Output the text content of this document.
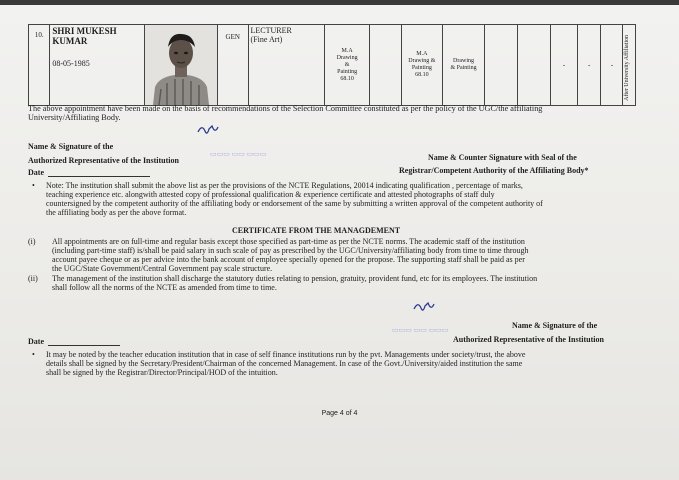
10.	SHRI MUKESH
KUMAR
08-05-1985

	GEN	LECTURER
(Fine Art)	M.A
Drawing
&
Painting
68.10		M.A
Drawing &
Painting
68.10	Drawing
& Painting			-	-	-	After University Affiliation
The above appointment have been made on the basis of recommendations of the Selection Committee constituted as per the policy of the UGC/the affiliating
University/Affiliating Body.
▭▭▭ ▭▭ ▭▭▭
Name & Signature of the
Authorized Representative of the Institution
Date
Name & Counter Signature with Seal of the
Registrar/Competent Authority of the Affiliating Body*
• Note: The institution shall submit the above list as per the provisions of the NCTE Regulations, 20014 indicating qualification , percentage of marks,
teaching experience etc. alongwith attested copy of professional qualification & experience certificate and attested photographs of staff duly
countersigned by the competent authority of the affiliating body or endorsement of the same by submitting a written approval of the competent authority of
the affiliating body as per the above format.
CERTIFICATE FROM THE MANAGDEMENT
(i) All appointments are on full-time and regular basis except those specified as part-time as per the NCTE norms. The academic staff of the institution
(including part-time staff) is/shall be paid salary in such scale of pay as prescribed by the UGC/University/affiliating body from time to time through
account payee cheque or as per advice into the bank account of employee specially opened for the propose. The supporting staff shall be paid as per
the UGC/State Government/Central Government pay scale structure.
(ii) The management of the institution shall discharge the statutory duties relating to pension, gratuity, provident fund, etc for its employees. The institution
shall follow all the norms of the NCTE as amended from time to time.
▭▭▭ ▭▭ ▭▭▭	Name & Signature of the
Authorized Representative of the Institution
Date
• It may be noted by the teacher education institution that in case of self finance institutions run by the pvt. Managements under society/trust, the above
details shall be signed by the Secretary/President/Chairman of the concerned Management. In case of the Govt./University/aided institution the same
shall be signed by the Registrar/Director/Principal/HOD of the intuition.
Page 4 of 4
